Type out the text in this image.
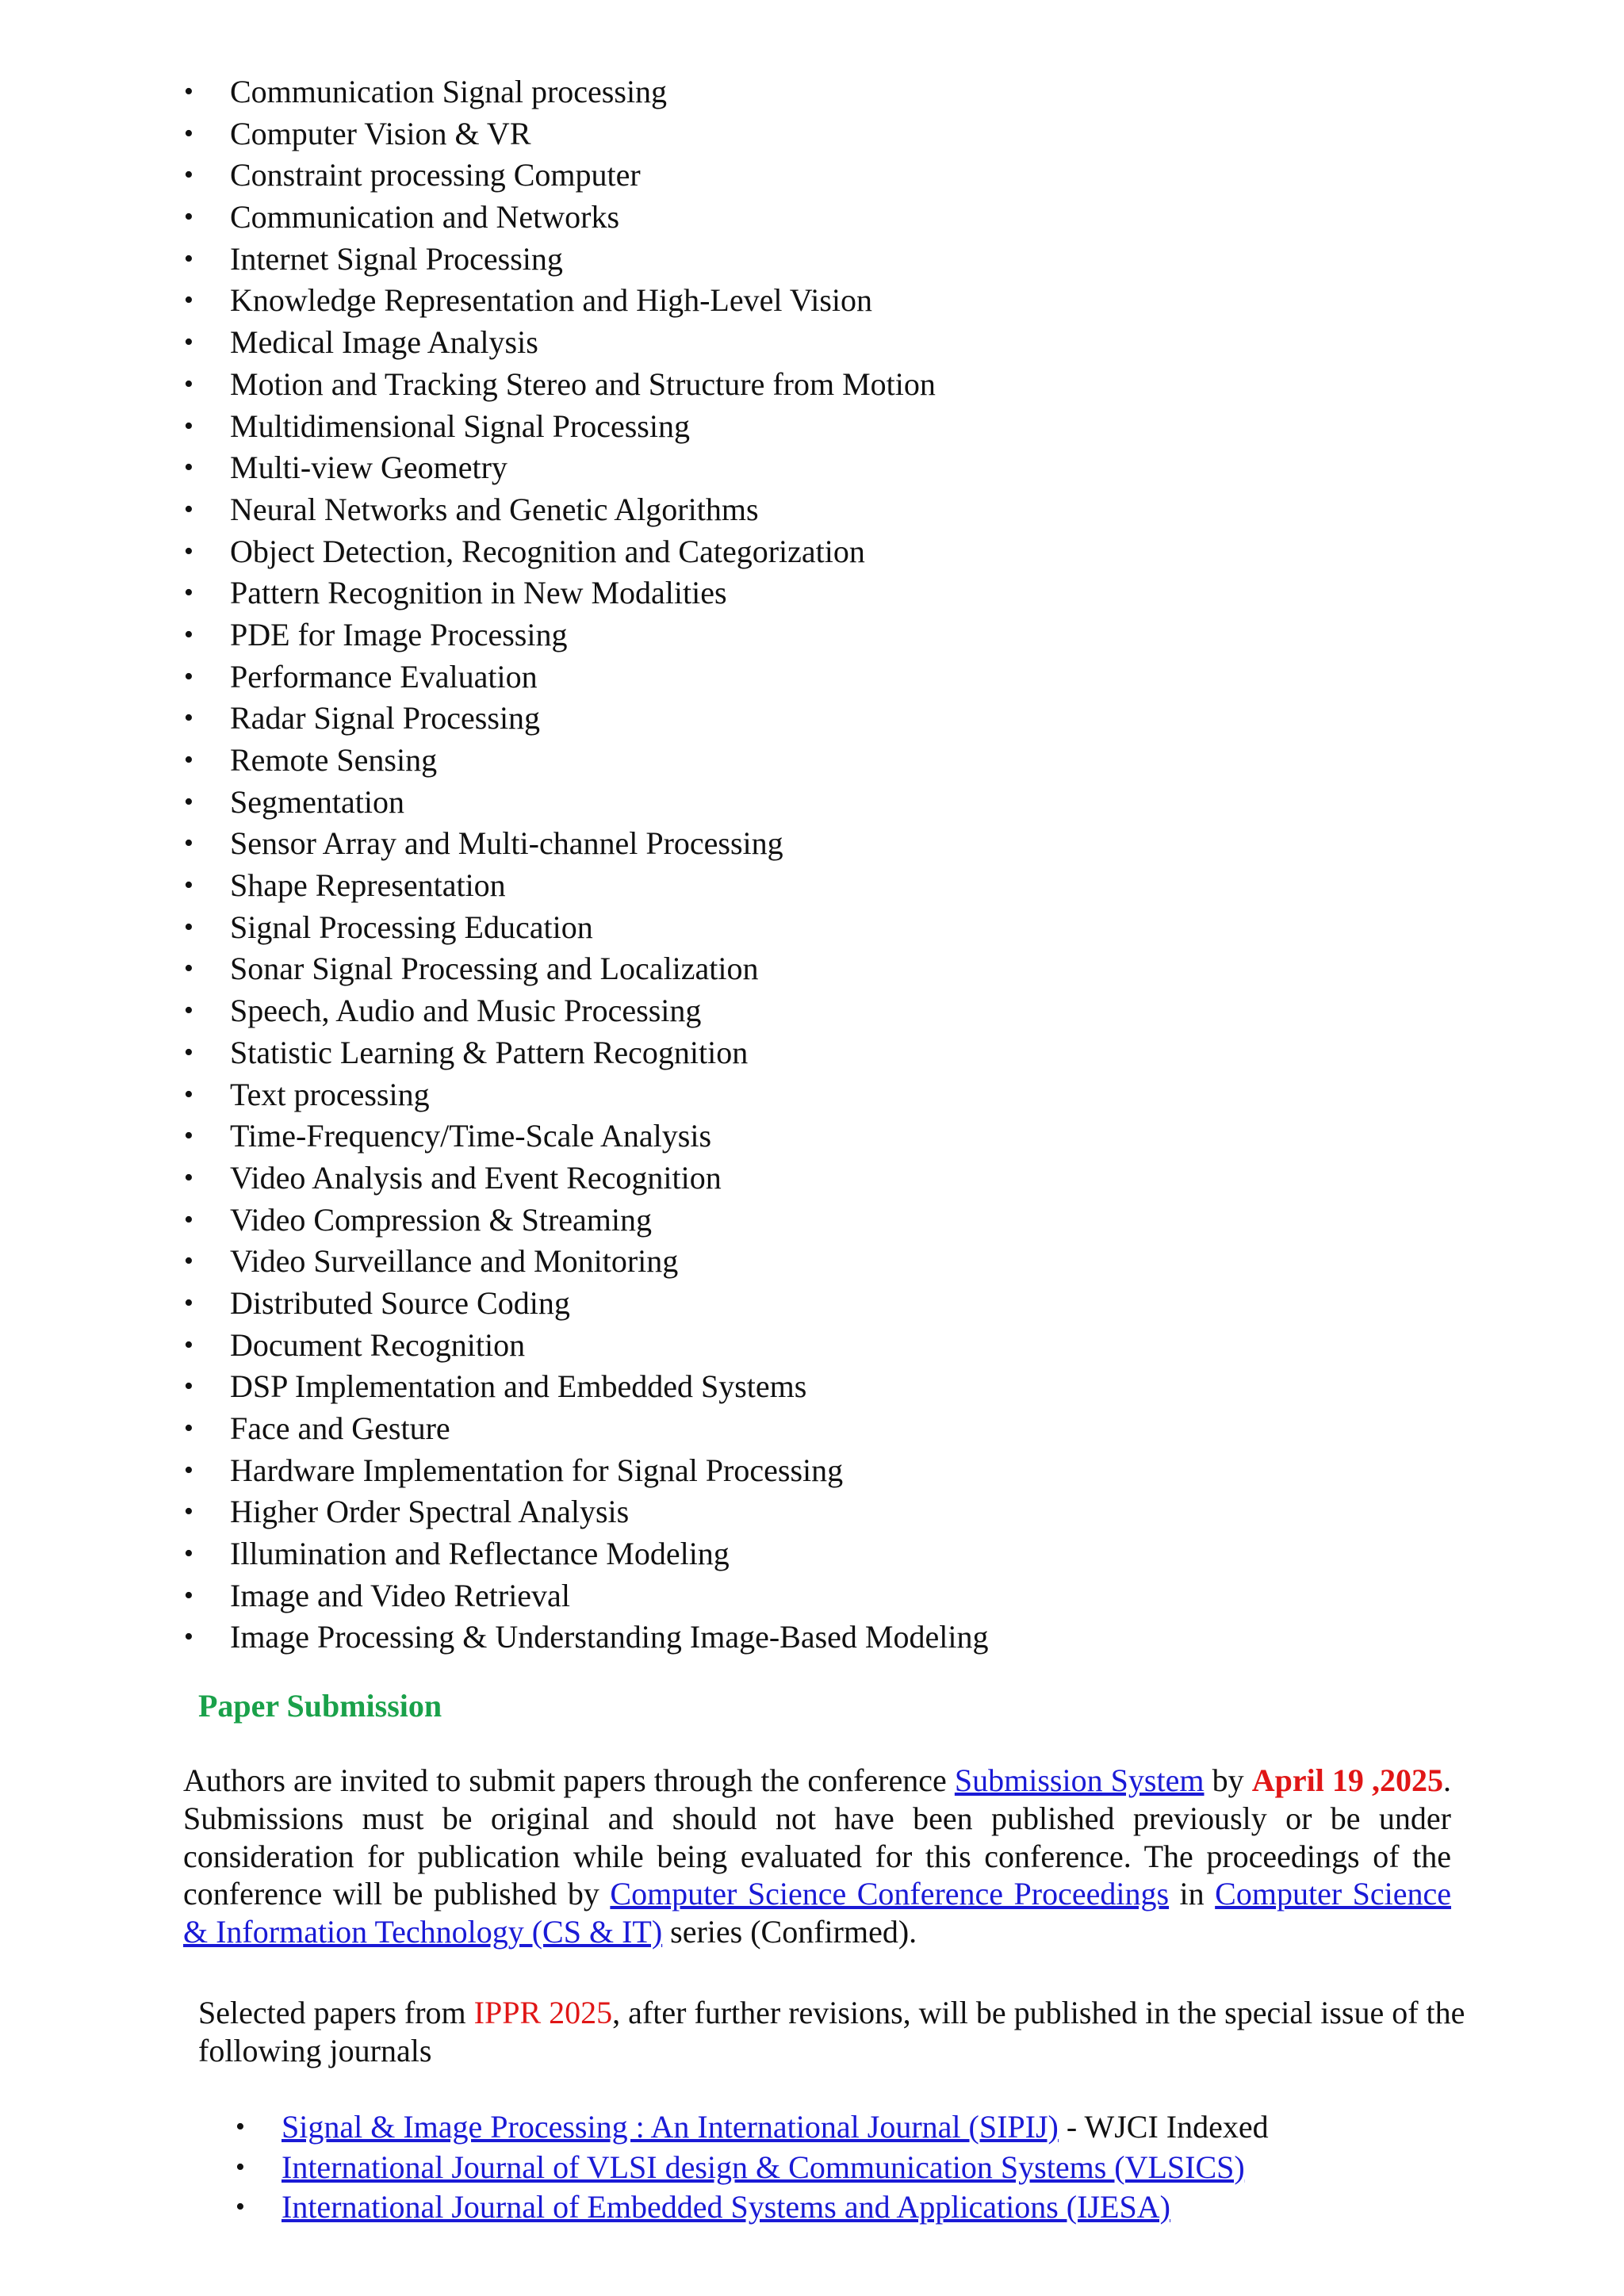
• Communication Signal processing
• Computer Vision & VR
• Constraint processing Computer
• Communication and Networks
• Internet Signal Processing
• Knowledge Representation and High-Level Vision
• Medical Image Analysis
• Motion and Tracking Stereo and Structure from Motion
• Multidimensional Signal Processing
• Multi-view Geometry
• Neural Networks and Genetic Algorithms
• Object Detection, Recognition and Categorization
• Pattern Recognition in New Modalities
• PDE for Image Processing
• Performance Evaluation
• Radar Signal Processing
• Remote Sensing
• Segmentation
• Sensor Array and Multi-channel Processing
• Shape Representation
• Signal Processing Education
• Sonar Signal Processing and Localization
• Speech, Audio and Music Processing
• Statistic Learning & Pattern Recognition
• Text processing
• Time-Frequency/Time-Scale Analysis
• Video Analysis and Event Recognition
• Video Compression & Streaming
• Video Surveillance and Monitoring
• Distributed Source Coding
• Document Recognition
• DSP Implementation and Embedded Systems
• Face and Gesture
• Hardware Implementation for Signal Processing
• Higher Order Spectral Analysis
• Illumination and Reflectance Modeling
• Image and Video Retrieval
• Image Processing & Understanding Image-Based Modeling
Paper Submission

Authors are invited to submit papers through the conference Submission System by April 19 ,2025. Submissions must be original and should not have been published previously or be under consideration for publication while being evaluated for this conference. The proceedings of the conference will be published by Computer Science Conference Proceedings in Computer Science & Information Technology (CS & IT) series (Confirmed).

Selected papers from IPPR 2025, after further revisions, will be published in the special issue of the following journals

• Signal & Image Processing : An International Journal (SIPIJ) - WJCI Indexed
• International Journal of VLSI design & Communication Systems (VLSICS)
• International Journal of Embedded Systems and Applications (IJESA)
